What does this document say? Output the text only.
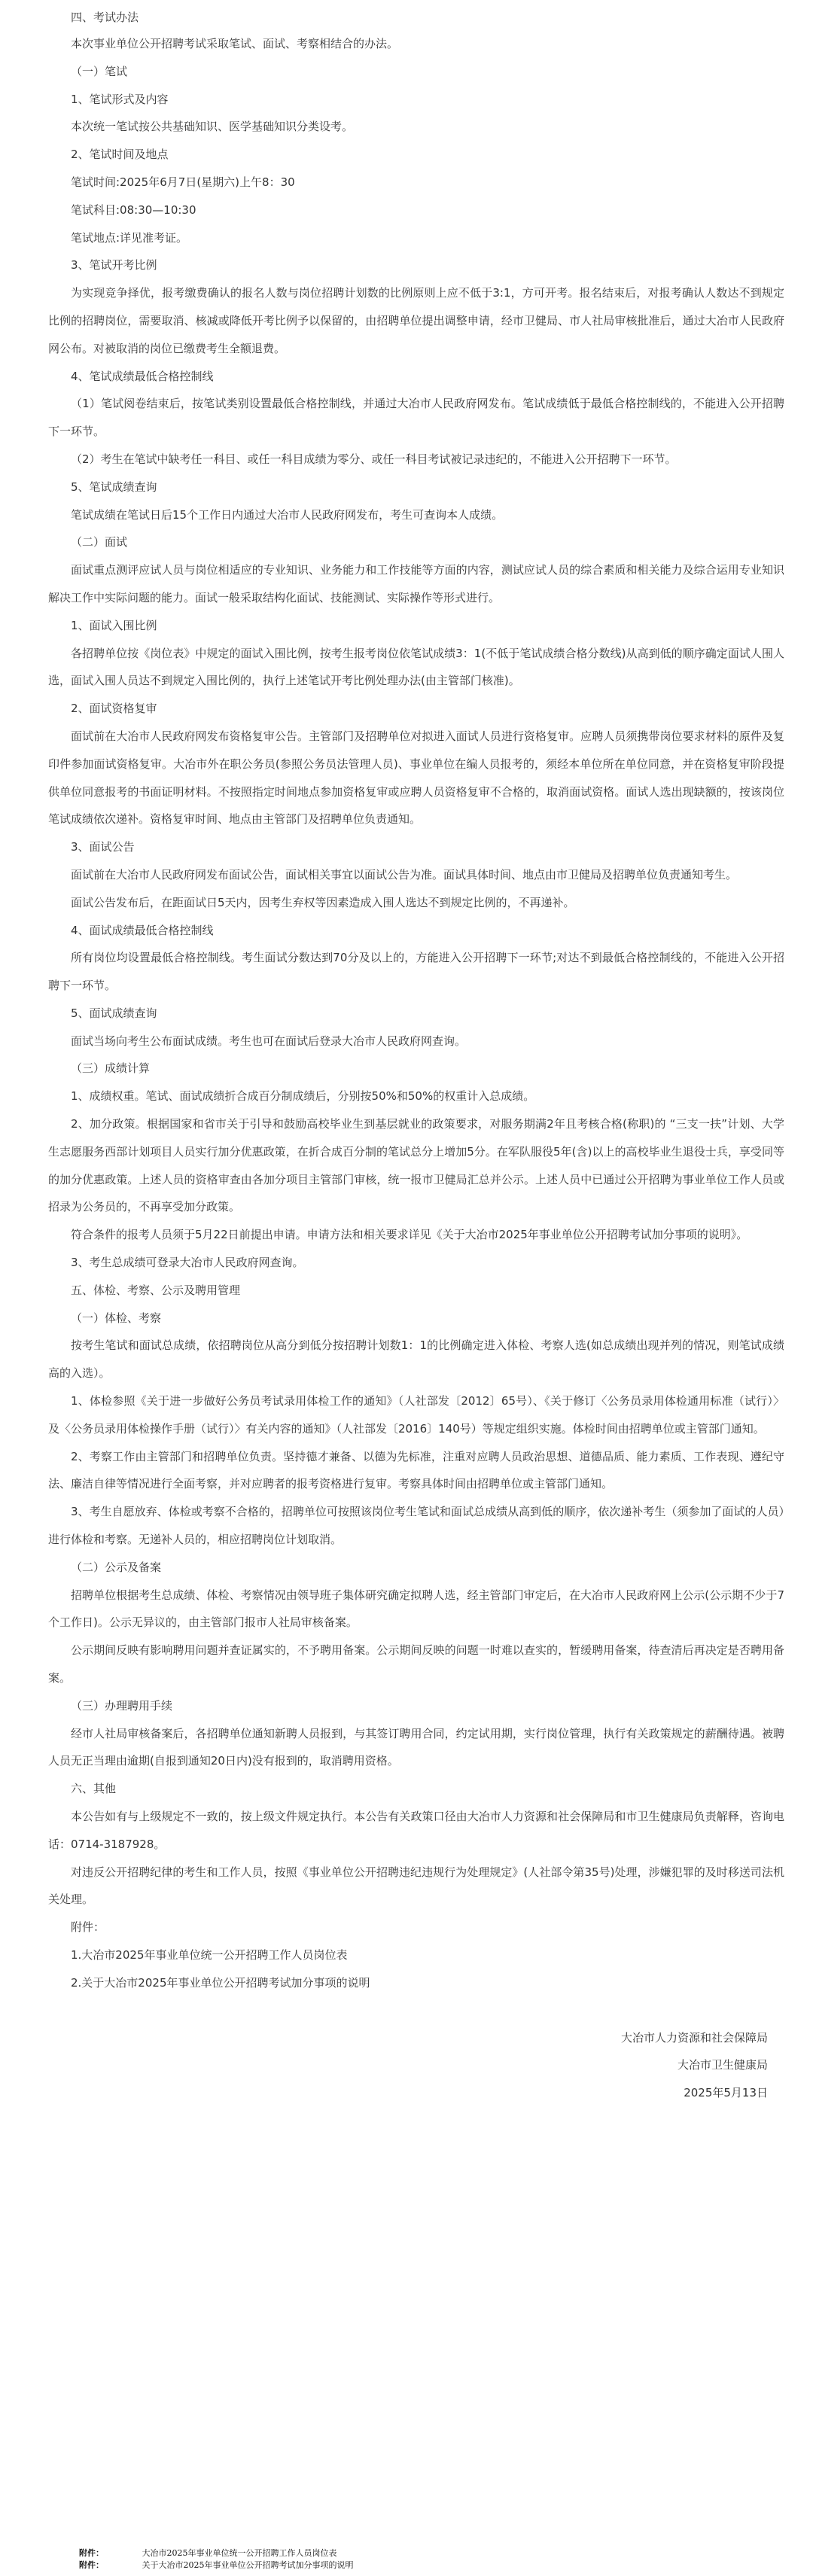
四、考试办法

本次事业单位公开招聘考试采取笔试、面试、考察相结合的办法。

（一）笔试

1、笔试形式及内容

本次统一笔试按公共基础知识、医学基础知识分类设考。

2、笔试时间及地点

笔试时间:2025年6月7日(星期六)上午8：30

笔试科目:08:30—10:30

笔试地点:详见准考证。

3、笔试开考比例

为实现竞争择优，报考缴费确认的报名人数与岗位招聘计划数的比例原则上应不低于3:1，方可开考。报名结束后，对报考确认人数达不到规定比例的招聘岗位，需要取消、核减或降低开考比例予以保留的，由招聘单位提出调整申请，经市卫健局、市人社局审核批准后，通过大冶市人民政府网公布。对被取消的岗位已缴费考生全额退费。

4、笔试成绩最低合格控制线

（1）笔试阅卷结束后，按笔试类别设置最低合格控制线，并通过大冶市人民政府网发布。笔试成绩低于最低合格控制线的，不能进入公开招聘下一环节。

（2）考生在笔试中缺考任一科目、或任一科目成绩为零分、或任一科目考试被记录违纪的，不能进入公开招聘下一环节。

5、笔试成绩查询

笔试成绩在笔试日后15个工作日内通过大冶市人民政府网发布，考生可查询本人成绩。

（二）面试

面试重点测评应试人员与岗位相适应的专业知识、业务能力和工作技能等方面的内容，测试应试人员的综合素质和相关能力及综合运用专业知识解决工作中实际问题的能力。面试一般采取结构化面试、技能测试、实际操作等形式进行。

1、面试入围比例

各招聘单位按《岗位表》中规定的面试入围比例，按考生报考岗位依笔试成绩3：1(不低于笔试成绩合格分数线)从高到低的顺序确定面试人围人选，面试入围人员达不到规定入围比例的，执行上述笔试开考比例处理办法(由主管部门核准)。

2、面试资格复审

面试前在大冶市人民政府网发布资格复审公告。主管部门及招聘单位对拟进入面试人员进行资格复审。应聘人员须携带岗位要求材料的原件及复印件参加面试资格复审。大冶市外在职公务员(参照公务员法管理人员)、事业单位在编人员报考的，须经本单位所在单位同意，并在资格复审阶段提供单位同意报考的书面证明材料。不按照指定时间地点参加资格复审或应聘人员资格复审不合格的，取消面试资格。面试人选出现缺额的，按该岗位笔试成绩依次递补。资格复审时间、地点由主管部门及招聘单位负责通知。

3、面试公告

面试前在大冶市人民政府网发布面试公告，面试相关事宜以面试公告为准。面试具体时间、地点由市卫健局及招聘单位负责通知考生。

面试公告发布后，在距面试日5天内，因考生弃权等因素造成入围人选达不到规定比例的，不再递补。

4、面试成绩最低合格控制线

所有岗位均设置最低合格控制线。考生面试分数达到70分及以上的，方能进入公开招聘下一环节;对达不到最低合格控制线的，不能进入公开招聘下一环节。

5、面试成绩查询

面试当场向考生公布面试成绩。考生也可在面试后登录大冶市人民政府网查询。

（三）成绩计算

1、成绩权重。笔试、面试成绩折合成百分制成绩后，分别按50%和50%的权重计入总成绩。

2、加分政策。根据国家和省市关于引导和鼓励高校毕业生到基层就业的政策要求，对服务期满2年且考核合格(称职)的 “三支一扶”计划、大学生志愿服务西部计划项目人员实行加分优惠政策，在折合成百分制的笔试总分上增加5分。在军队服役5年(含)以上的高校毕业生退役士兵，享受同等的加分优惠政策。上述人员的资格审查由各加分项目主管部门审核，统一报市卫健局汇总并公示。上述人员中已通过公开招聘为事业单位工作人员或招录为公务员的，不再享受加分政策。

符合条件的报考人员须于5月22日前提出申请。申请方法和相关要求详见《关于大冶市2025年事业单位公开招聘考试加分事项的说明》。

3、考生总成绩可登录大冶市人民政府网查询。

五、体检、考察、公示及聘用管理

（一）体检、考察

按考生笔试和面试总成绩，依招聘岗位从高分到低分按招聘计划数1：1的比例确定进入体检、考察人选(如总成绩出现并列的情况，则笔试成绩高的入选）。

1、体检参照《关于进一步做好公务员考试录用体检工作的通知》（人社部发〔2012〕65号）、《关于修订〈公务员录用体检通用标准（试行）〉及〈公务员录用体检操作手册（试行）〉有关内容的通知》（人社部发〔2016〕140号）等规定组织实施。体检时间由招聘单位或主管部门通知。

2、考察工作由主管部门和招聘单位负责。坚持德才兼备、以德为先标准，注重对应聘人员政治思想、道德品质、能力素质、工作表现、遵纪守法、廉洁自律等情况进行全面考察，并对应聘者的报考资格进行复审。考察具体时间由招聘单位或主管部门通知。

3、考生自愿放弃、体检或考察不合格的，招聘单位可按照该岗位考生笔试和面试总成绩从高到低的顺序，依次递补考生（须参加了面试的人员）进行体检和考察。无递补人员的，相应招聘岗位计划取消。

（二）公示及备案

招聘单位根据考生总成绩、体检、考察情况由领导班子集体研究确定拟聘人选，经主管部门审定后，在大冶市人民政府网上公示(公示期不少于7个工作日)。公示无异议的，由主管部门报市人社局审核备案。

公示期间反映有影响聘用问题并查证属实的，不予聘用备案。公示期间反映的问题一时难以查实的，暂缓聘用备案，待查清后再决定是否聘用备案。

（三）办理聘用手续

经市人社局审核备案后，各招聘单位通知新聘人员报到，与其签订聘用合同，约定试用期，实行岗位管理，执行有关政策规定的薪酬待遇。被聘人员无正当理由逾期(自报到通知20日内)没有报到的，取消聘用资格。

六、其他

本公告如有与上级规定不一致的，按上级文件规定执行。本公告有关政策口径由大冶市人力资源和社会保障局和市卫生健康局负责解释，咨询电话：0714-3187928。

对违反公开招聘纪律的考生和工作人员，按照《事业单位公开招聘违纪违规行为处理规定》(人社部令第35号)处理，涉嫌犯罪的及时移送司法机关处理。

附件：

1.大冶市2025年事业单位统一公开招聘工作人员岗位表

2.关于大冶市2025年事业单位公开招聘考试加分事项的说明

大冶市人力资源和社会保障局

大冶市卫生健康局

2025年5月13日

附件：	大冶市2025年事业单位统一公开招聘工作人员岗位表
附件：	关于大冶市2025年事业单位公开招聘考试加分事项的说明
